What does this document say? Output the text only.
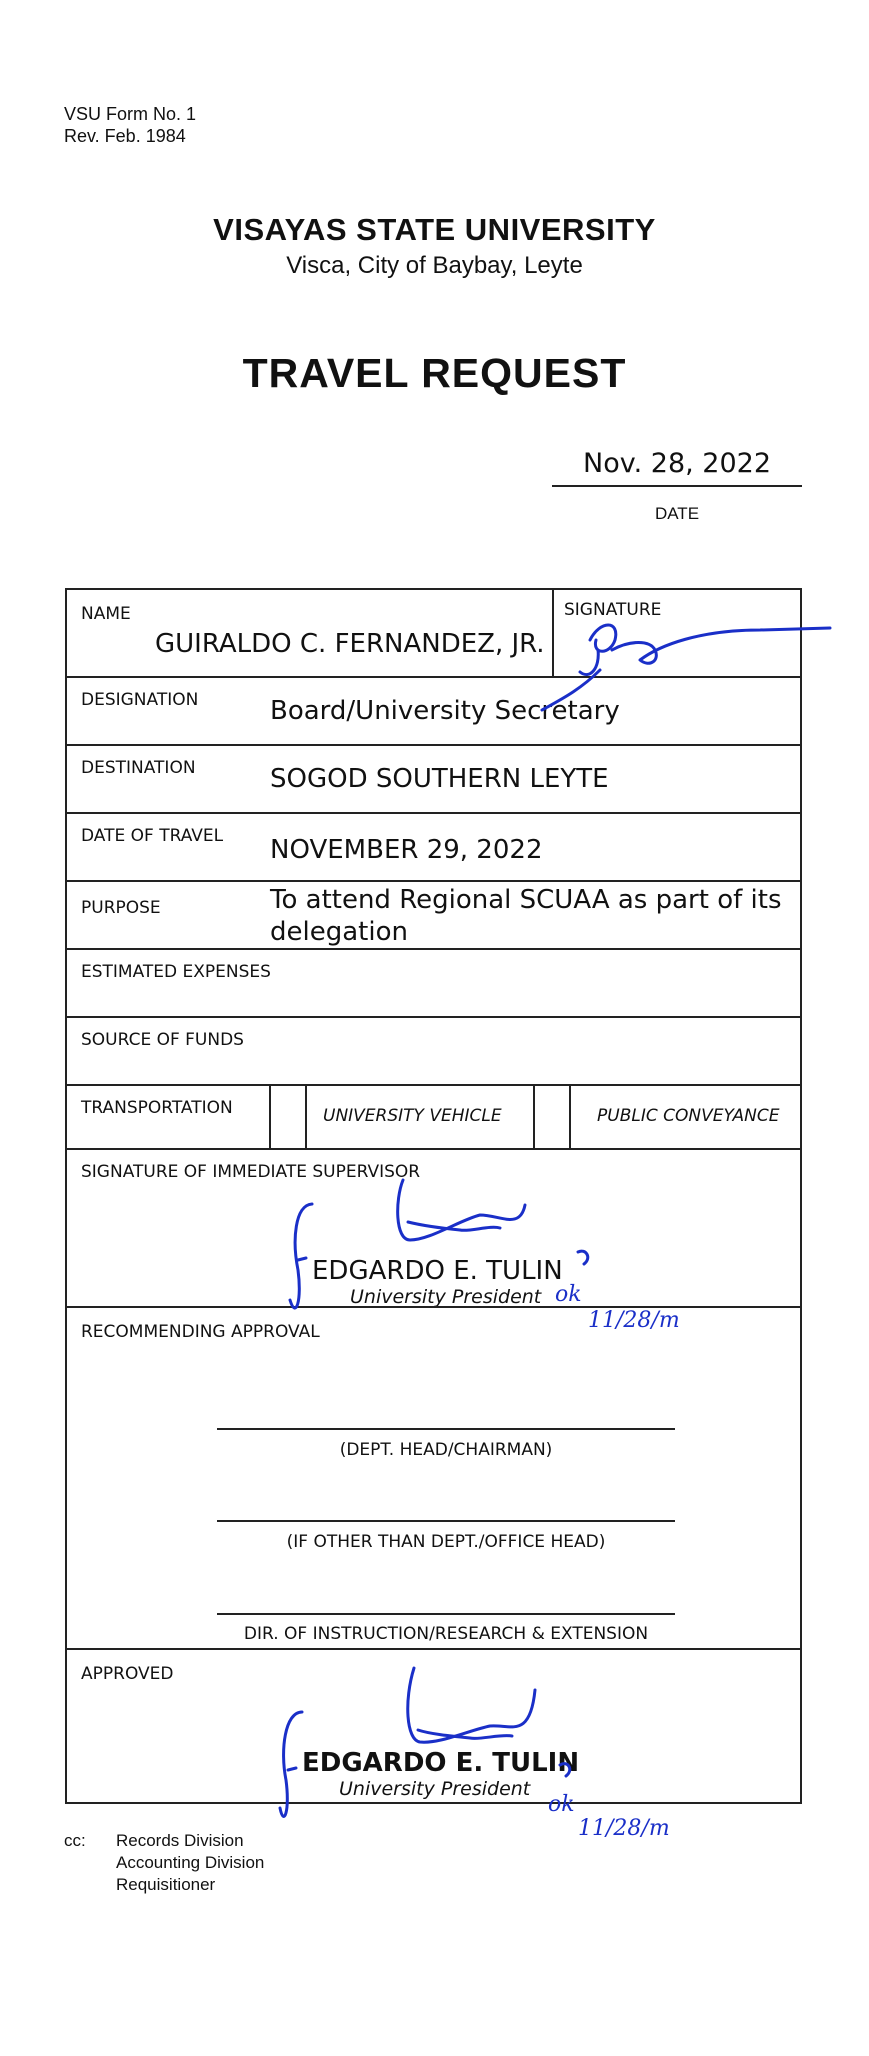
VSU Form No. 1
Rev. Feb. 1984
VISAYAS STATE UNIVERSITY
Visca, City of Baybay, Leyte
TRAVEL REQUEST
Nov. 28, 2022
DATE
NAME
GUIRALDO C. FERNANDEZ, JR.
SIGNATURE
DESIGNATION	Board/University Secretary
DESTINATION	SOGOD SOUTHERN LEYTE
DATE OF TRAVEL NOVEMBER 29, 2022
PURPOSE	To attend Regional SCUAA as part of its
delegation
ESTIMATED EXPENSES
SOURCE OF FUNDS
TRANSPORTATION	UNIVERSITY VEHICLE	PUBLIC CONVEYANCE
SIGNATURE OF IMMEDIATE SUPERVISOR
EDGARDO E. TULIN
University President
RECOMMENDING APPROVAL
(DEPT. HEAD/CHAIRMAN)
(IF OTHER THAN DEPT./OFFICE HEAD)
DIR. OF INSTRUCTION/RESEARCH & EXTENSION
APPROVED
EDGARDO E. TULIN
University President
ok
11/28/m
ok
11/28/m
cc: Records Division
Accounting Division
Requisitioner
